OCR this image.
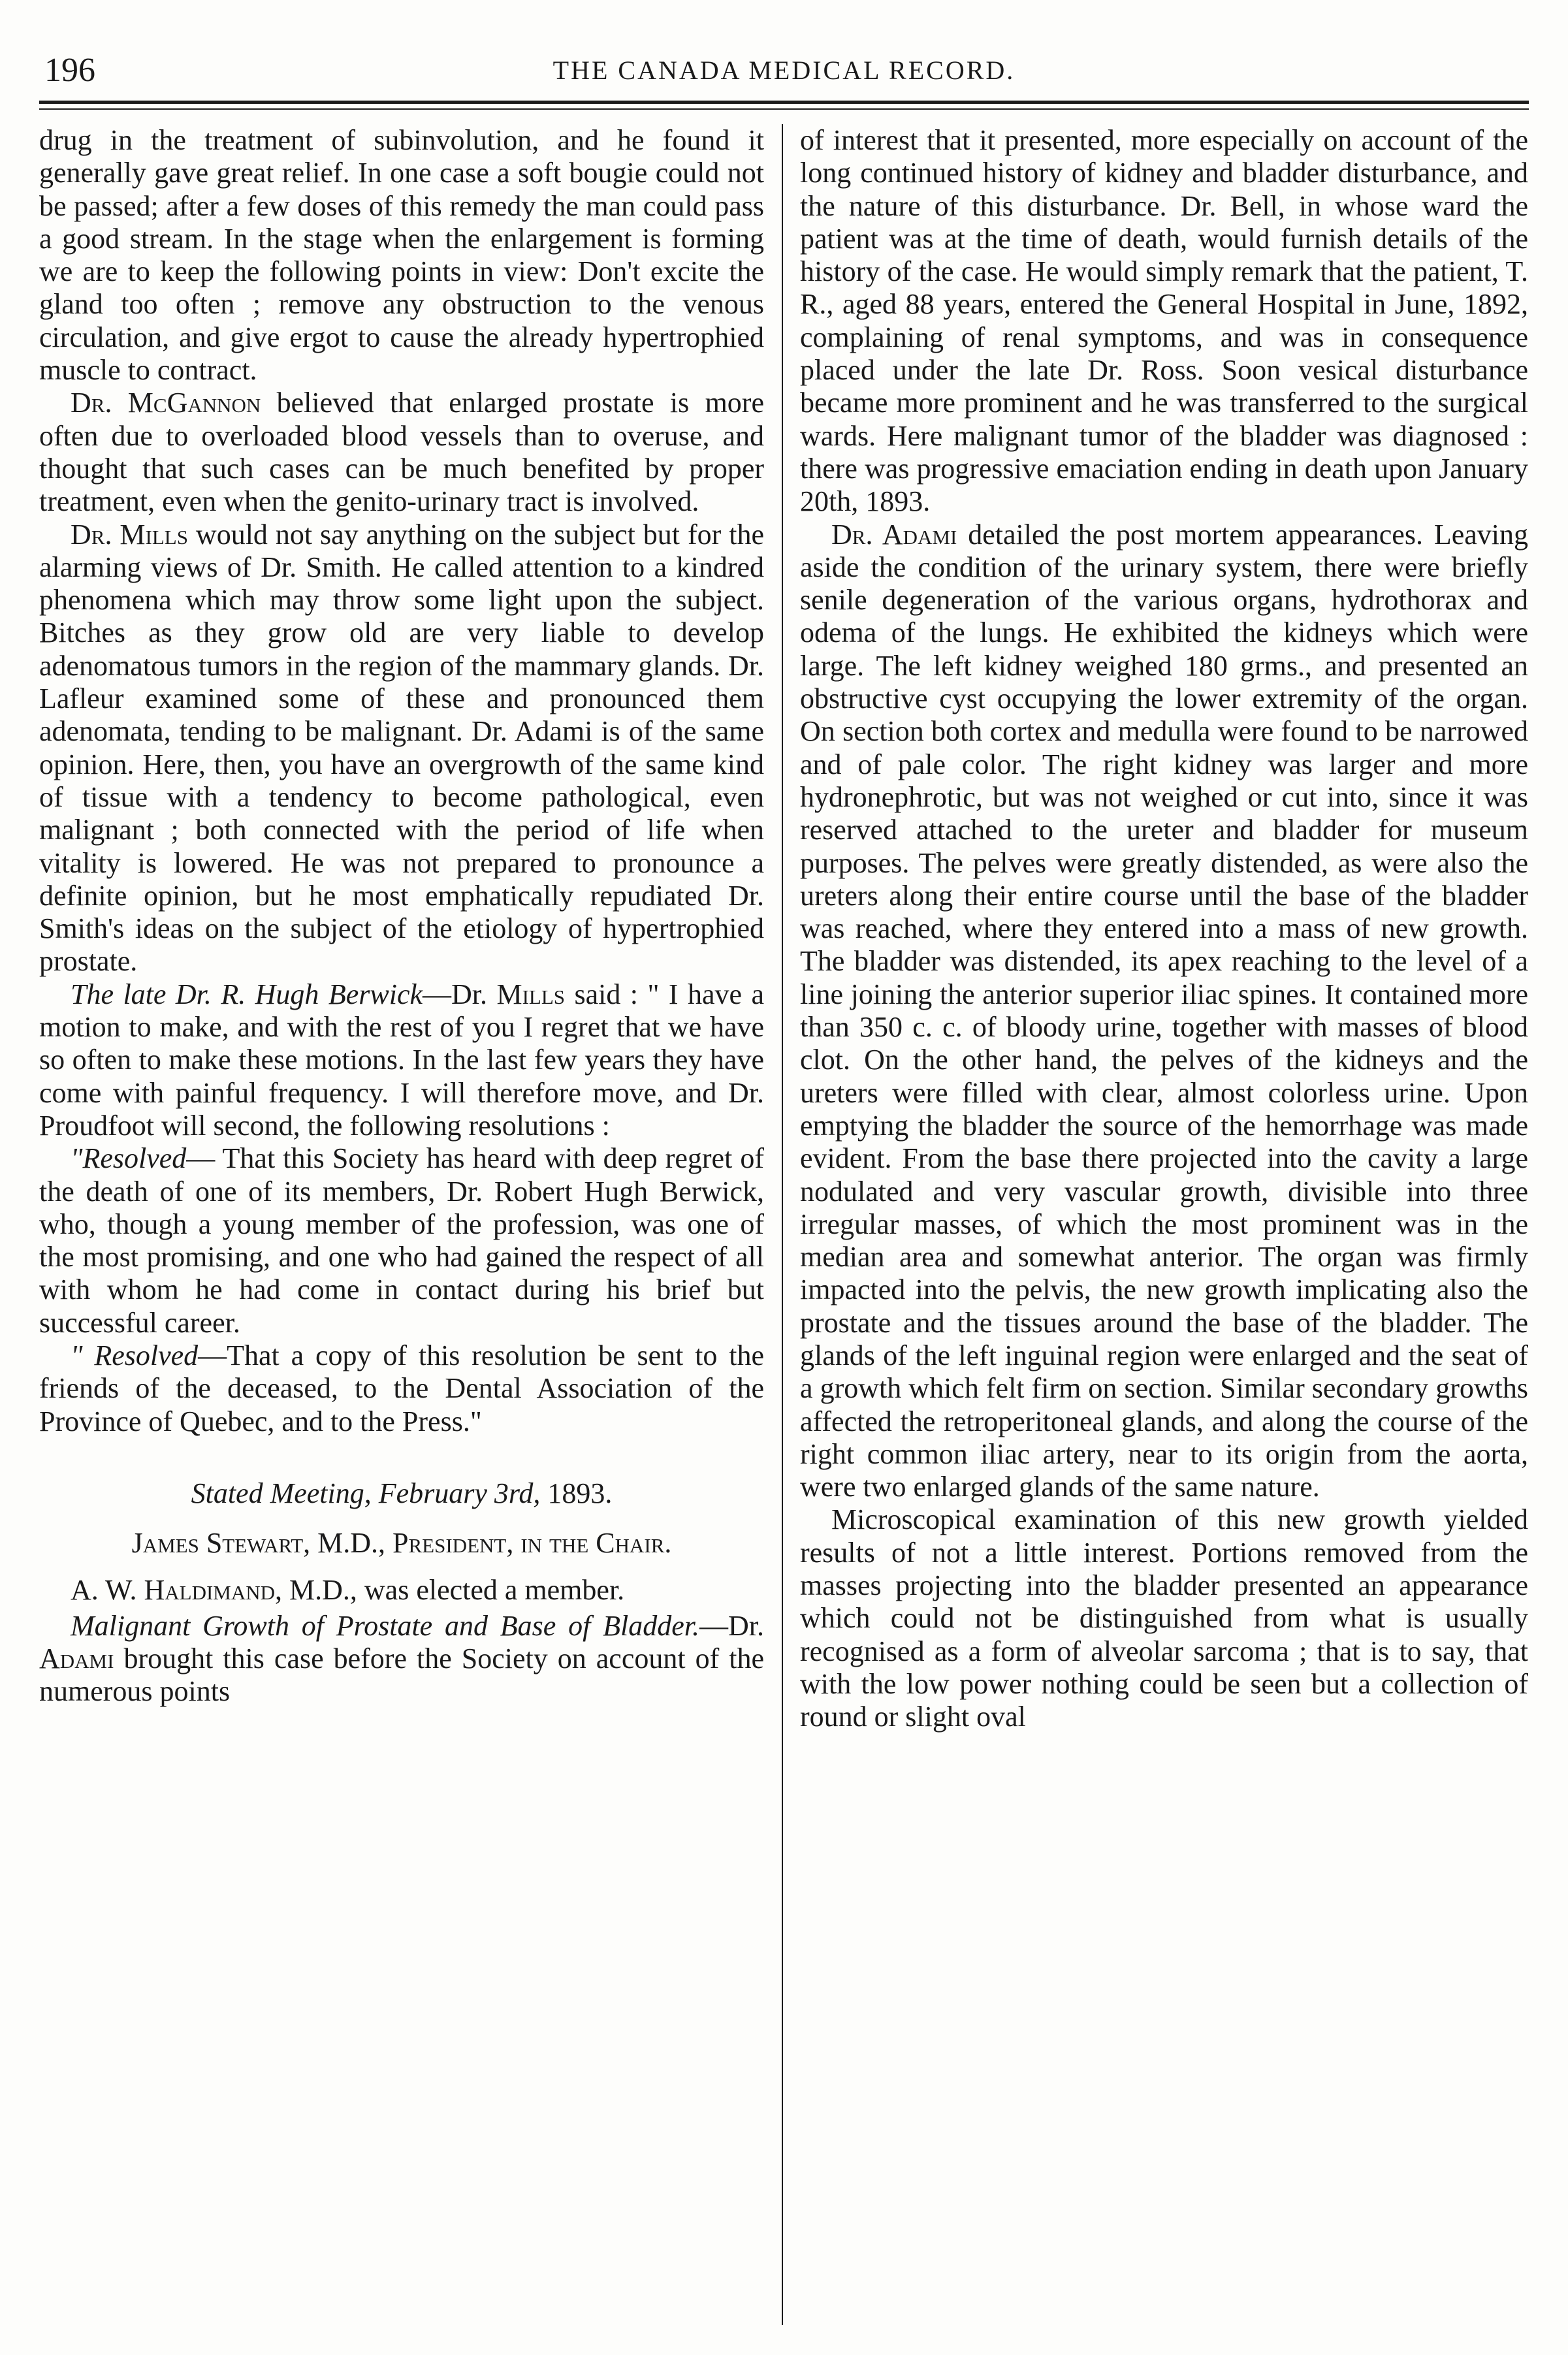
196	THE CANADA MEDICAL RECORD.

drug in the treatment of subinvolution, and he found it generally gave great relief. In one case a soft bougie could not be passed; after a few doses of this remedy the man could pass a good stream. In the stage when the enlargement is forming we are to keep the following points in view: Don't excite the gland too often ; remove any obstruction to the venous circulation, and give ergot to cause the already hypertrophied muscle to contract.

Dr. McGannon believed that enlarged prostate is more often due to overloaded blood vessels than to overuse, and thought that such cases can be much benefited by proper treatment, even when the genito-urinary tract is involved.

Dr. Mills would not say anything on the subject but for the alarming views of Dr. Smith. He called attention to a kindred phenomena which may throw some light upon the subject. Bitches as they grow old are very liable to develop adenomatous tumors in the region of the mammary glands. Dr. Lafleur examined some of these and pronounced them adenomata, tending to be malignant. Dr. Adami is of the same opinion. Here, then, you have an overgrowth of the same kind of tissue with a tendency to become pathological, even malignant ; both connected with the period of life when vitality is lowered. He was not prepared to pronounce a definite opinion, but he most emphatically repudiated Dr. Smith's ideas on the subject of the etiology of hypertrophied prostate.

The late Dr. R. Hugh Berwick—Dr. Mills said : " I have a motion to make, and with the rest of you I regret that we have so often to make these motions. In the last few years they have come with painful frequency. I will therefore move, and Dr. Proudfoot will second, the following resolutions :

"Resolved— That this Society has heard with deep regret of the death of one of its members, Dr. Robert Hugh Berwick, who, though a young member of the profession, was one of the most promising, and one who had gained the respect of all with whom he had come in contact during his brief but successful career.

" Resolved—That a copy of this resolution be sent to the friends of the deceased, to the Dental Association of the Province of Quebec, and to the Press."

Stated Meeting, February 3rd, 1893.

James Stewart, M.D., President, in the Chair.

A. W. Haldimand, M.D., was elected a member.

Malignant Growth of Prostate and Base of Bladder.—Dr. Adami brought this case before the Society on account of the numerous points

of interest that it presented, more especially on account of the long continued history of kidney and bladder disturbance, and the nature of this disturbance. Dr. Bell, in whose ward the patient was at the time of death, would furnish details of the history of the case. He would simply remark that the patient, T. R., aged 88 years, entered the General Hospital in June, 1892, complaining of renal symptoms, and was in consequence placed under the late Dr. Ross. Soon vesical disturbance became more prominent and he was transferred to the surgical wards. Here malignant tumor of the bladder was diagnosed : there was progressive emaciation ending in death upon January 20th, 1893.

Dr. Adami detailed the post mortem appearances. Leaving aside the condition of the urinary system, there were briefly senile degeneration of the various organs, hydrothorax and odema of the lungs. He exhibited the kidneys which were large. The left kidney weighed 180 grms., and presented an obstructive cyst occupying the lower extremity of the organ. On section both cortex and medulla were found to be narrowed and of pale color. The right kidney was larger and more hydronephrotic, but was not weighed or cut into, since it was reserved attached to the ureter and bladder for museum purposes. The pelves were greatly distended, as were also the ureters along their entire course until the base of the bladder was reached, where they entered into a mass of new growth. The bladder was distended, its apex reaching to the level of a line joining the anterior superior iliac spines. It contained more than 350 c. c. of bloody urine, together with masses of blood clot. On the other hand, the pelves of the kidneys and the ureters were filled with clear, almost colorless urine. Upon emptying the bladder the source of the hemorrhage was made evident. From the base there projected into the cavity a large nodulated and very vascular growth, divisible into three irregular masses, of which the most prominent was in the median area and somewhat anterior. The organ was firmly impacted into the pelvis, the new growth implicating also the prostate and the tissues around the base of the bladder. The glands of the left inguinal region were enlarged and the seat of a growth which felt firm on section. Similar secondary growths affected the retroperitoneal glands, and along the course of the right common iliac artery, near to its origin from the aorta, were two enlarged glands of the same nature.

Microscopical examination of this new growth yielded results of not a little interest. Portions removed from the masses projecting into the bladder presented an appearance which could not be distinguished from what is usually recognised as a form of alveolar sarcoma ; that is to say, that with the low power nothing could be seen but a collection of round or slight oval
